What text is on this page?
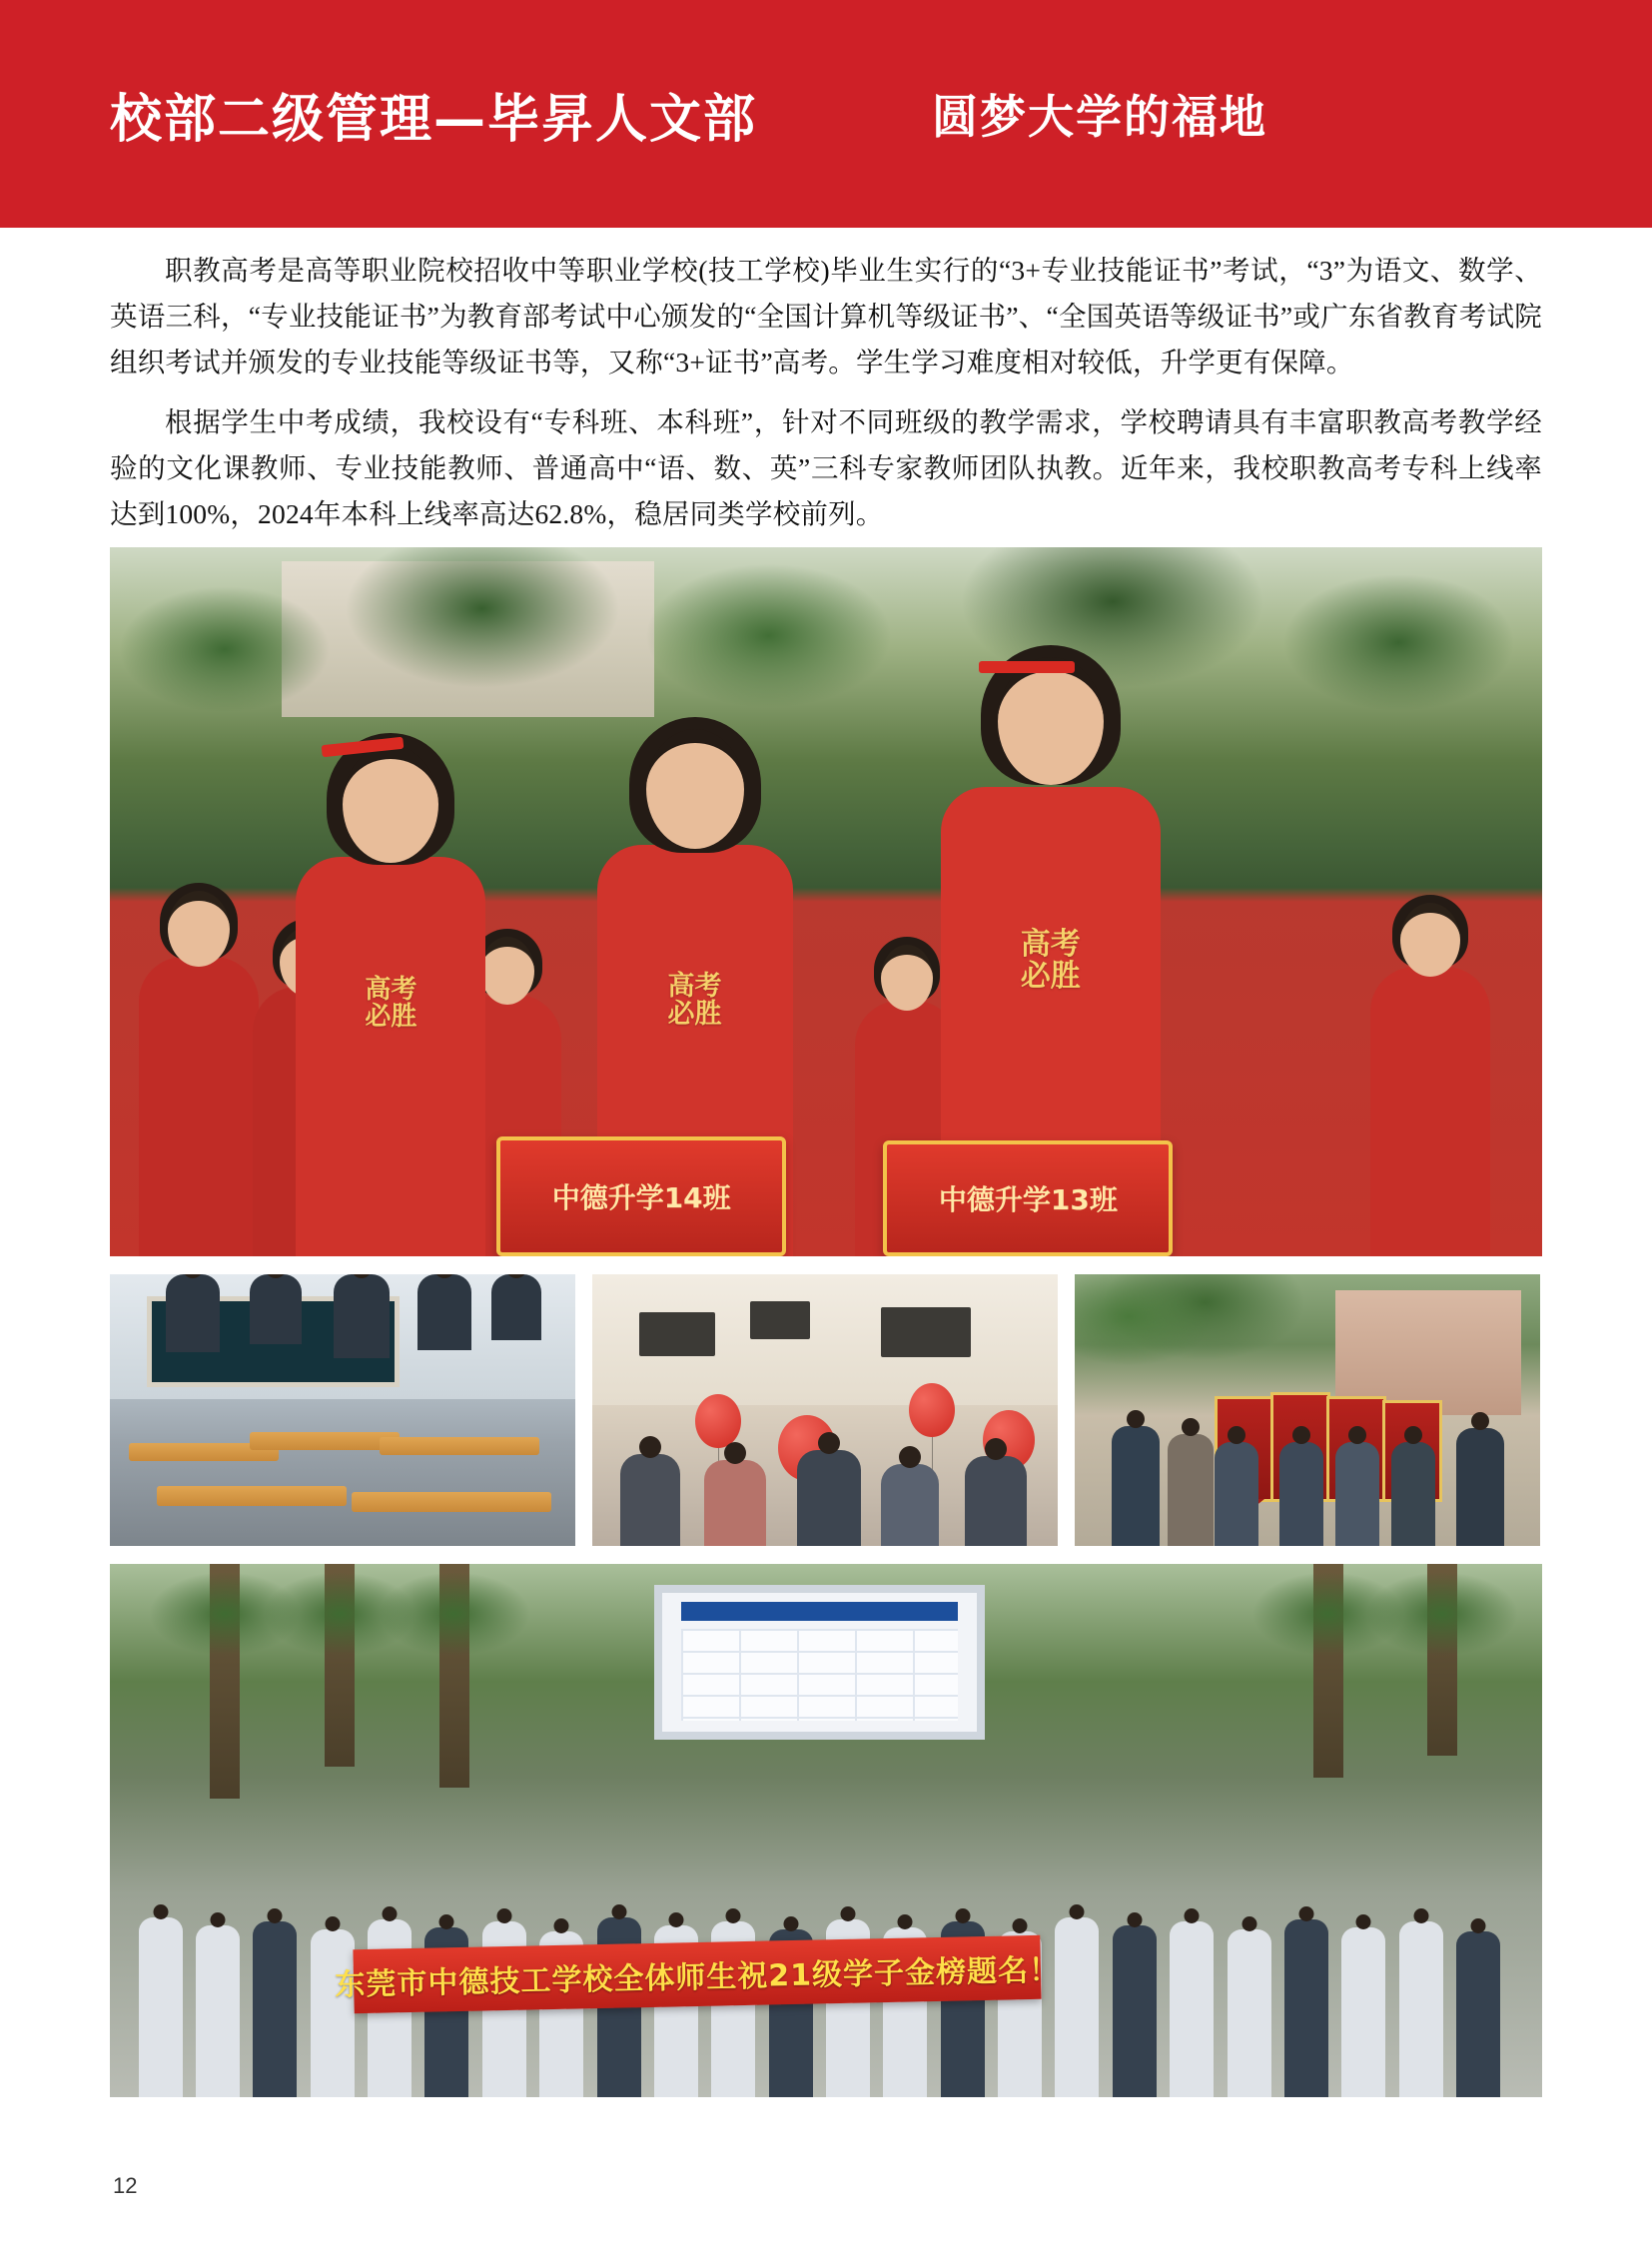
校部二级管理—毕昇人文部	圆梦大学的福地

职教高考是高等职业院校招收中等职业学校(技工学校)毕业生实行的“3+专业技能证书”考试，“3”为语文、数学、英语三科，“专业技能证书”为教育部考试中心颁发的“全国计算机等级证书”、“全国英语等级证书”或广东省教育考试院组织考试并颁发的专业技能等级证书等，又称“3+证书”高考。学生学习难度相对较低，升学更有保障。

根据学生中考成绩，我校设有“专科班、本科班”，针对不同班级的教学需求，学校聘请具有丰富职教高考教学经验的文化课教师、专业技能教师、普通高中“语、数、英”三科专家教师团队执教。近年来，我校职教高考专科上线率达到100%，2024年本科上线率高达62.8%，稳居同类学校前列。

高考
必胜
高考
必胜
高考
必胜
中德升学14班	中德升学13班
东莞市中德技工学校全体师生祝21级学子金榜题名！
12
